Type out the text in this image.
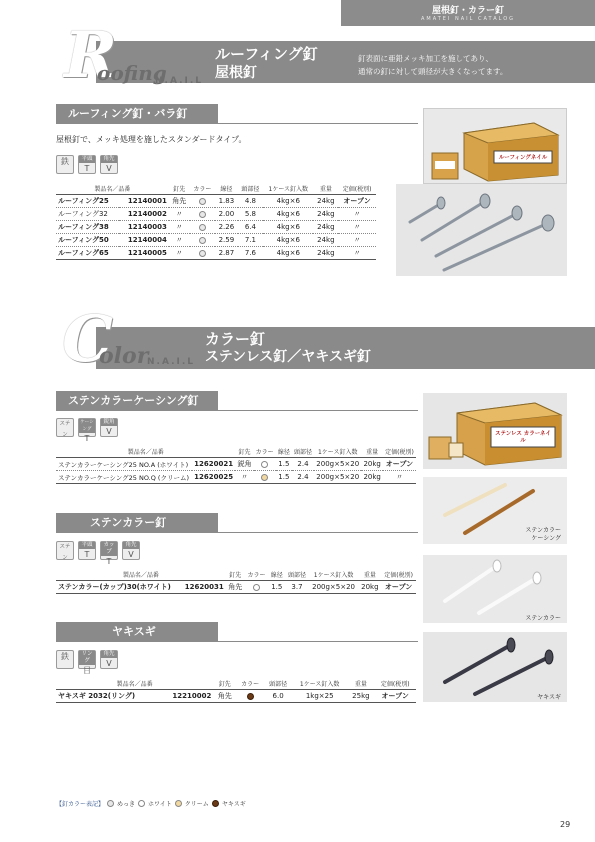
屋根釘・カラー釘
AMATEI NAIL CATALOG
R
oofing
N.A.I.L
ルーフィング釘
屋根釘
釘表面に亜鉛メッキ加工を施してあり、
通常の釘に対して頭径が大きくなってます。
ルーフィング釘・バラ釘
屋根釘で、メッキ処理を施したスタンダードタイプ。
鉄	平頭
T
角先
V
製品名／品番		釘先	カラー	線径	頭部径	1ケース釘入数	重量	定価(税別)
ルーフィング25	12140001	角先		1.83	4.8	4kg×6	24kg	オープン
ルーフィング32	12140002	〃		2.00	5.8	4kg×6	24kg	〃
ルーフィング38	12140003	〃		2.26	6.4	4kg×6	24kg	〃
ルーフィング50	12140004	〃		2.59	7.1	4kg×6	24kg	〃
ルーフィング65	12140005	〃		2.87	7.6	4kg×6	24kg	〃
ルーフィングネイル
C
olor
N.A.I.L
カラー釘
ステンレス釘／ヤキスギ釘
ステンカラーケーシング釘
ステン
ケーシング
T
鋭角
V
製品名／品番		釘先	カラー	線径	頭部径	1ケース釘入数	重量	定価(税別)
ステンカラーケーシング25 NO.A (ホワイト)	12620021	鋭角		1.5	2.4	200g×5×20	20kg	オープン
ステンカラーケーシング25 NO.Q (クリーム)	12620025	〃		1.5	2.4	200g×5×20	20kg	〃
ステンカラー釘
ステン
平頭
T
カップ
T
角先
V
製品名／品番		釘先	カラー	線径	頭部径	1ケース釘入数	重量	定価(税別)
ステンカラー(カップ)30(ホワイト)	12620031	角先		1.5	3.7	200g×5×20	20kg	オープン
ヤキスギ
鉄	リング
目
角先
V
製品名／品番		釘先	カラー	頭部径	1ケース釘入数	重量	定価(税別)
ヤキスギ 2032(リング)	12210002	角先		6.0	1kg×25	25kg	オープン
ステンレス カラーネイル
ステンカラー
ケーシング
ステンカラー
ヤキスギ
【釘カラー表記】 めっき ホワイト クリーム ヤキスギ
29
